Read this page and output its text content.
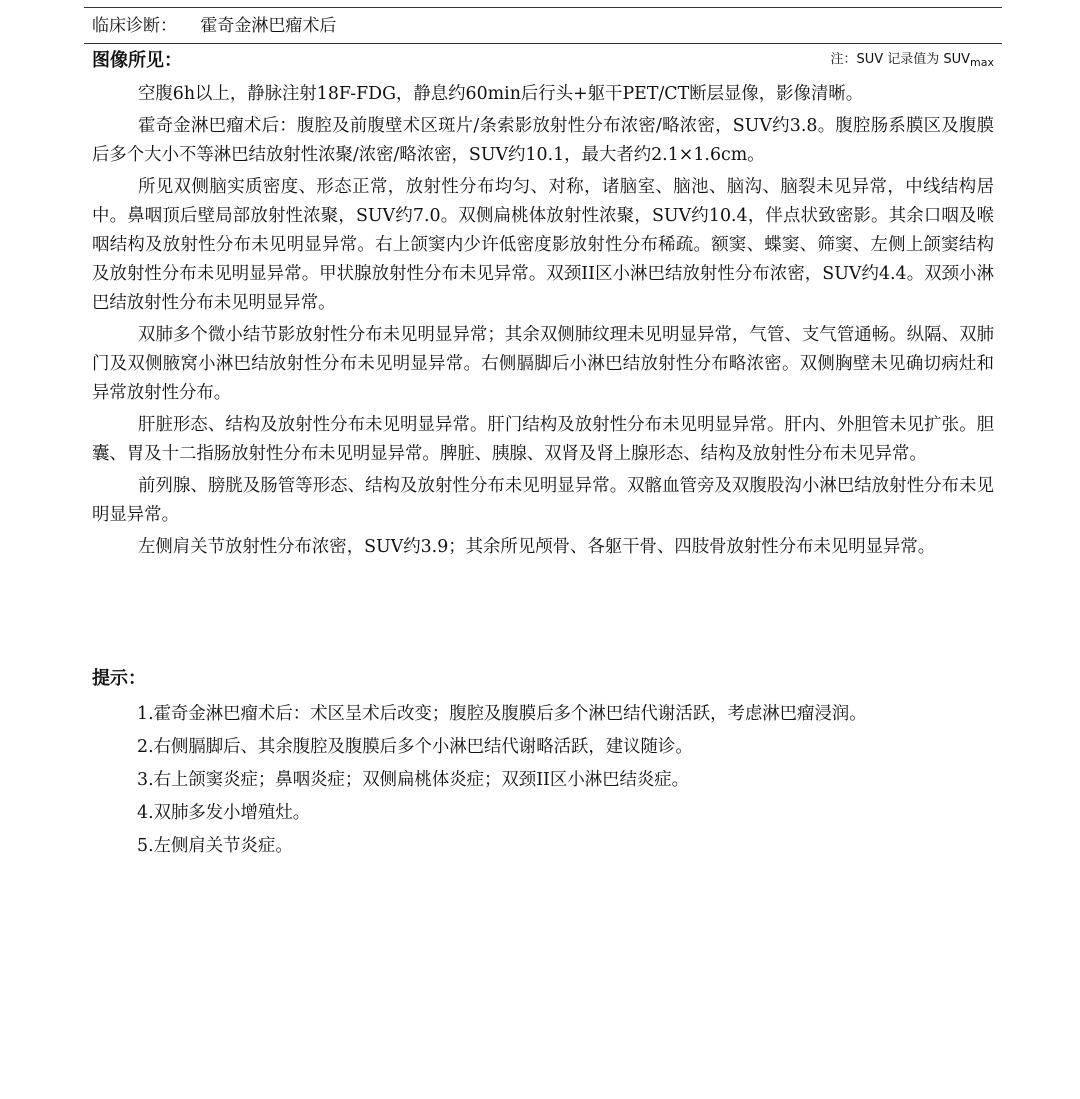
临床诊断： 霍奇金淋巴瘤术后
图像所见：	注：SUV 记录值为 $SUV_{max}$

空腹6h以上，静脉注射18F-FDG，静息约60min后行头+躯干PET/CT断层显像，影像清晰。

霍奇金淋巴瘤术后：腹腔及前腹壁术区斑片/条索影放射性分布浓密/略浓密，SUV约3.8。腹腔肠系膜区及腹膜后多个大小不等淋巴结放射性浓聚/浓密/略浓密，SUV约10.1，最大者约2.1×1.6cm。

所见双侧脑实质密度、形态正常，放射性分布均匀、对称，诸脑室、脑池、脑沟、脑裂未见异常，中线结构居中。鼻咽顶后壁局部放射性浓聚，SUV约7.0。双侧扁桃体放射性浓聚，SUV约10.4，伴点状致密影。其余口咽及喉咽结构及放射性分布未见明显异常。右上颌窦内少许低密度影放射性分布稀疏。额窦、蝶窦、筛窦、左侧上颌窦结构及放射性分布未见明显异常。甲状腺放射性分布未见异常。双颈II区小淋巴结放射性分布浓密，SUV约4.4。双颈小淋巴结放射性分布未见明显异常。

双肺多个微小结节影放射性分布未见明显异常；其余双侧肺纹理未见明显异常，气管、支气管通畅。纵隔、双肺门及双侧腋窝小淋巴结放射性分布未见明显异常。右侧膈脚后小淋巴结放射性分布略浓密。双侧胸壁未见确切病灶和异常放射性分布。

肝脏形态、结构及放射性分布未见明显异常。肝门结构及放射性分布未见明显异常。肝内、外胆管未见扩张。胆囊、胃及十二指肠放射性分布未见明显异常。脾脏、胰腺、双肾及肾上腺形态、结构及放射性分布未见异常。

前列腺、膀胱及肠管等形态、结构及放射性分布未见明显异常。双髂血管旁及双腹股沟小淋巴结放射性分布未见明显异常。

左侧肩关节放射性分布浓密，SUV约3.9；其余所见颅骨、各躯干骨、四肢骨放射性分布未见明显异常。

提示：
1.霍奇金淋巴瘤术后：术区呈术后改变；腹腔及腹膜后多个淋巴结代谢活跃，考虑淋巴瘤浸润。
2.右侧膈脚后、其余腹腔及腹膜后多个小淋巴结代谢略活跃，建议随诊。
3.右上颌窦炎症；鼻咽炎症；双侧扁桃体炎症；双颈II区小淋巴结炎症。
4.双肺多发小增殖灶。
5.左侧肩关节炎症。
